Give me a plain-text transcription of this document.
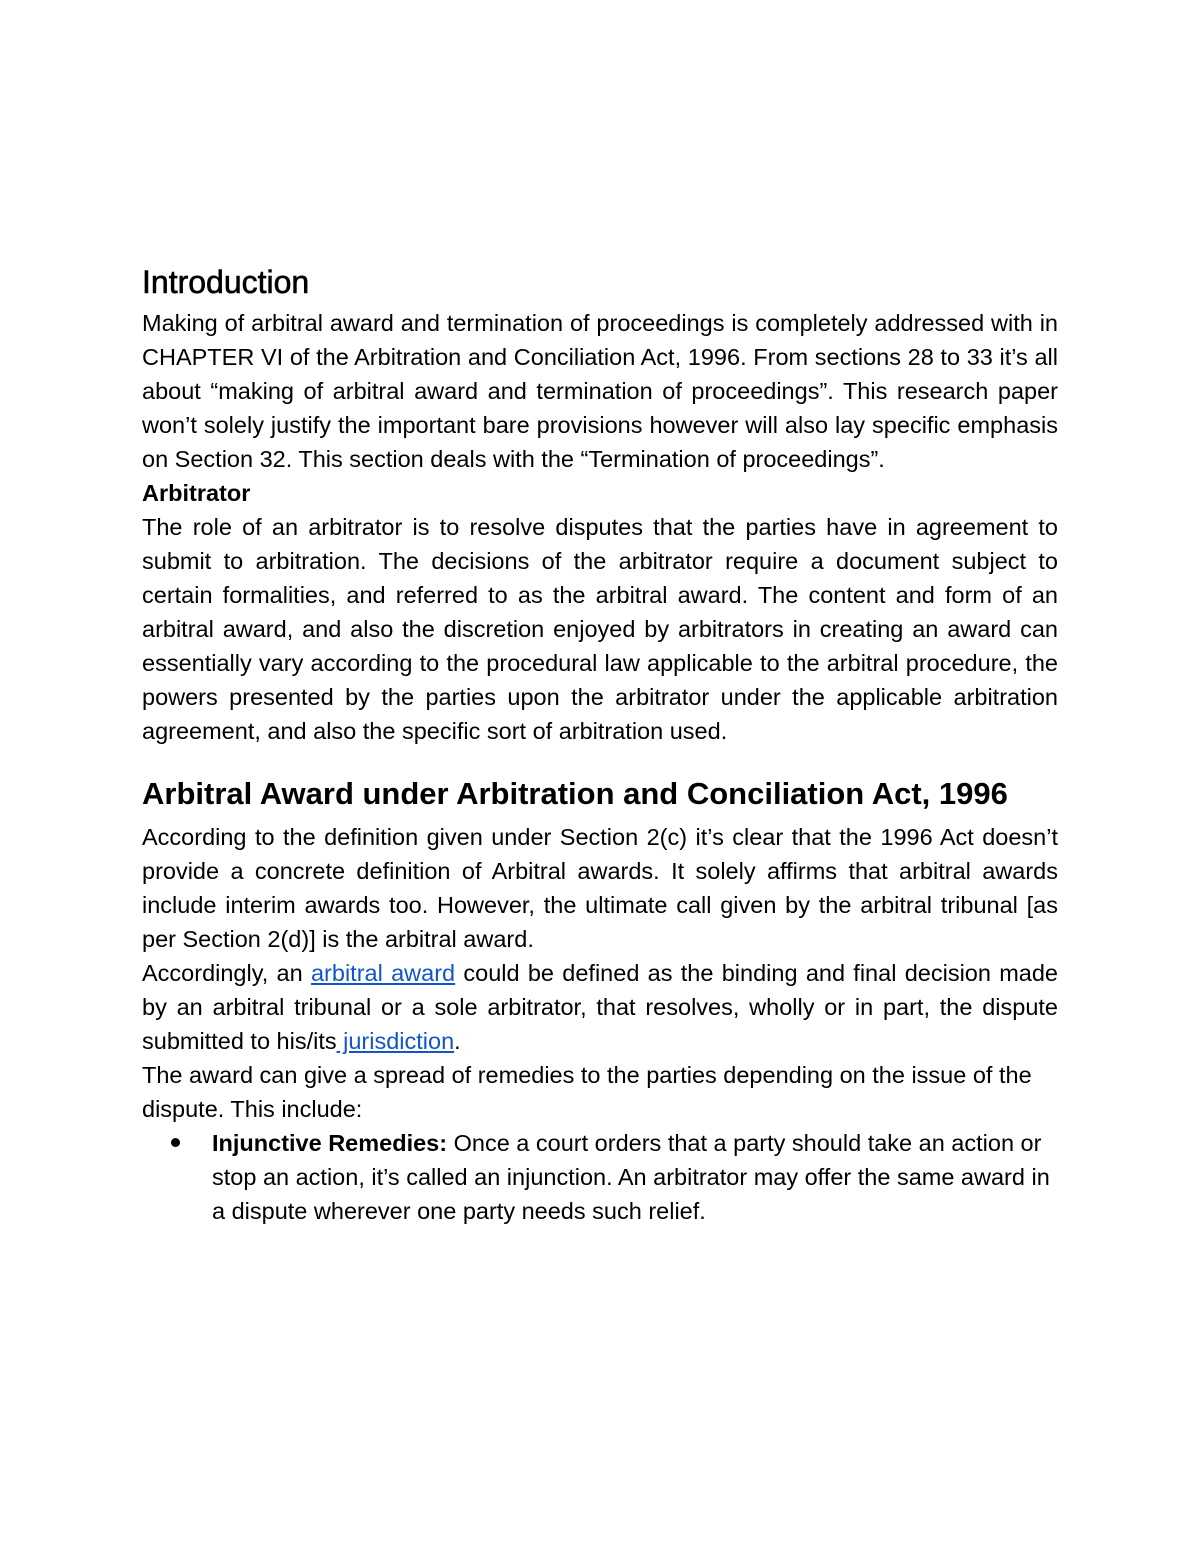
Introduction

Making of arbitral award and termination of proceedings is completely addressed with in CHAPTER VI of the Arbitration and Conciliation Act, 1996. From sections 28 to 33 it’s all about “making of arbitral award and termination of proceedings”. This research paper won’t solely justify the important bare provisions however will also lay specific emphasis on Section 32. This section deals with the “Termination of proceedings”.

Arbitrator

The role of an arbitrator is to resolve disputes that the parties have in agreement to submit to arbitration. The decisions of the arbitrator require a document subject to certain formalities, and referred to as the arbitral award. The content and form of an arbitral award, and also the discretion enjoyed by arbitrators in creating an award can essentially vary according to the procedural law applicable to the arbitral procedure, the powers presented by the parties upon the arbitrator under the applicable arbitration agreement, and also the specific sort of arbitration used.

Arbitral Award under Arbitration and Conciliation Act, 1996

According to the definition given under Section 2(c) it’s clear that the 1996 Act doesn’t provide a concrete definition of Arbitral awards. It solely affirms that arbitral awards include interim awards too. However, the ultimate call given by the arbitral tribunal [as per Section 2(d)] is the arbitral award.

Accordingly, an arbitral award could be defined as the binding and final decision made by an arbitral tribunal or a sole arbitrator, that resolves, wholly or in part, the dispute submitted to his/its jurisdiction.

The award can give a spread of remedies to the parties depending on the issue of the dispute. This include:

Injunctive Remedies: Once a court orders that a party should take an action or stop an action, it’s called an injunction. An arbitrator may offer the same award in a dispute wherever one party needs such relief.
